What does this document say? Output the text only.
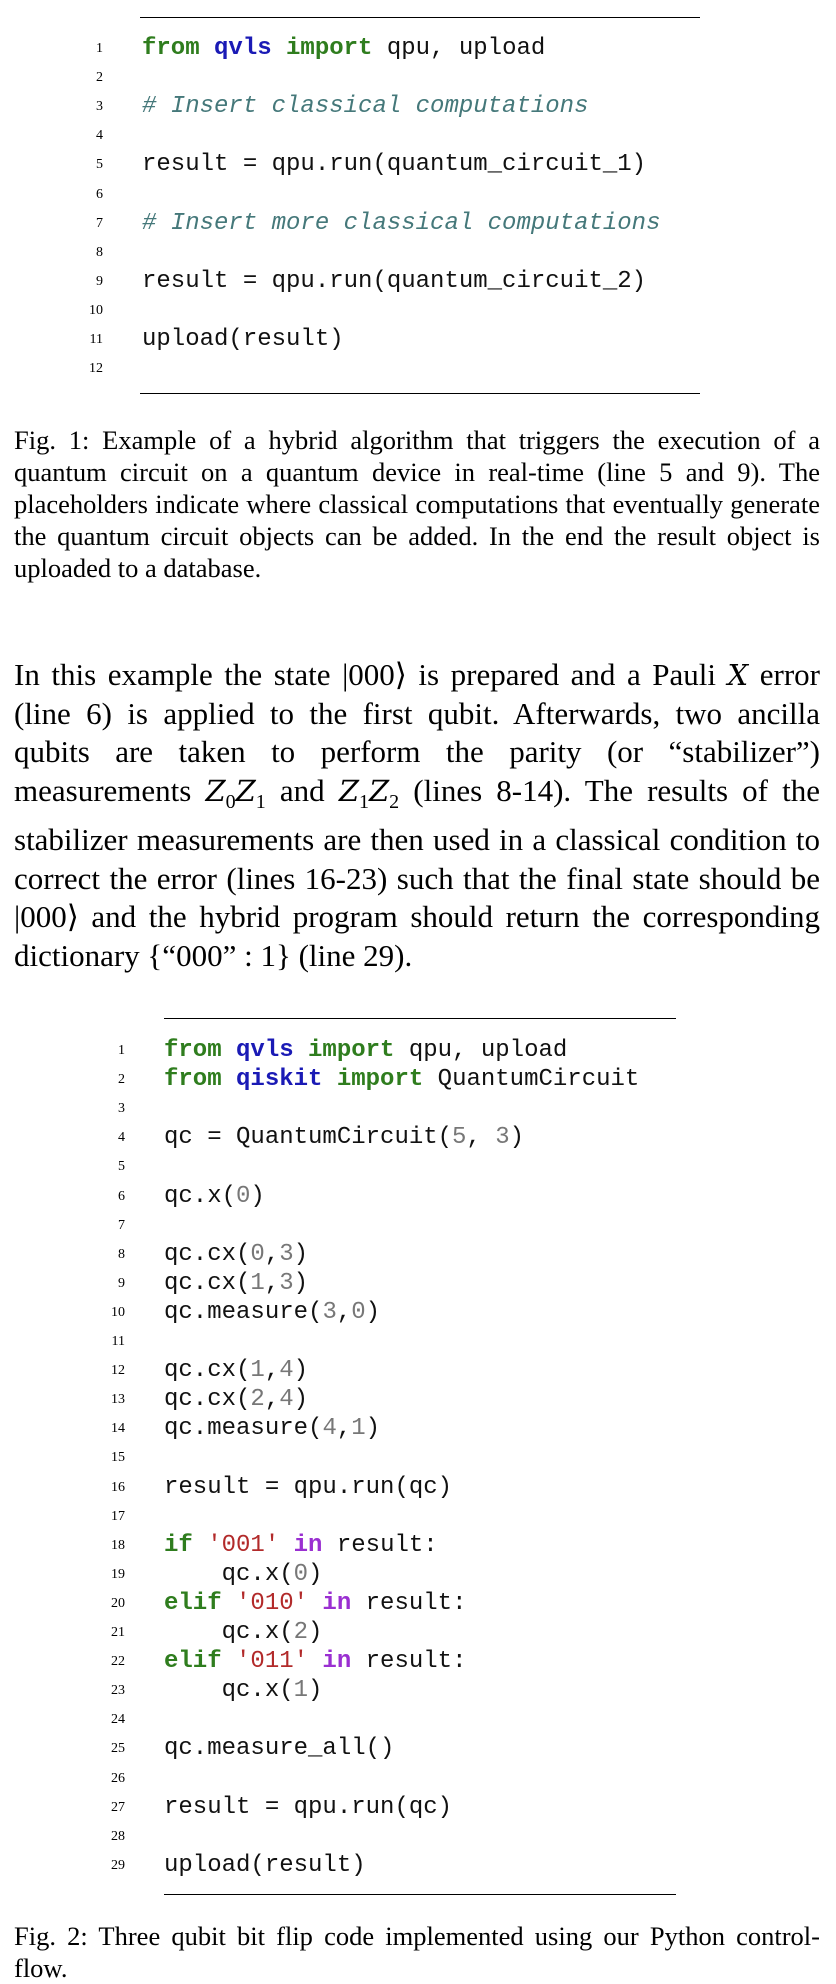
1 from qvls import qpu, upload
2
3 # Insert classical computations
4
5 result = qpu.run(quantum_circuit_1)
6
7 # Insert more classical computations
8
9 result = qpu.run(quantum_circuit_2)
10
11 upload(result)
12
Fig. 1: Example of a hybrid algorithm that triggers the execution of a quantum circuit on a quantum device in real-time (line 5 and 9). The placeholders indicate where classical computations that eventually generate the quantum circuit objects can be added. In the end the result object is uploaded to a database.
In this example the state |000⟩ is prepared and a Pauli X error (line 6) is applied to the first qubit. Afterwards, two ancilla qubits are taken to perform the parity (or “stabilizer”) measurements $Z_0Z_1$ and $Z_1Z_2$ (lines 8-14). The results of the stabilizer measurements are then used in a classical condition to correct the error (lines 16-23) such that the final state should be |000⟩ and the hybrid program should return the corresponding dictionary {“000” : 1} (line 29).
1 from qvls import qpu, upload
2 from qiskit import QuantumCircuit
3
4 qc = QuantumCircuit(5, 3)
5
6 qc.x(0)
7
8 qc.cx(0,3)
9 qc.cx(1,3)
10 qc.measure(3,0)
11
12 qc.cx(1,4)
13 qc.cx(2,4)
14 qc.measure(4,1)
15
16 result = qpu.run(qc)
17
18 if '001' in result:
19 qc.x(0)
20 elif '010' in result:
21 qc.x(2)
22 elif '011' in result:
23 qc.x(1)
24
25 qc.measure_all()
26
27 result = qpu.run(qc)
28
29 upload(result)
Fig. 2: Three qubit bit flip code implemented using our Python control-flow.
